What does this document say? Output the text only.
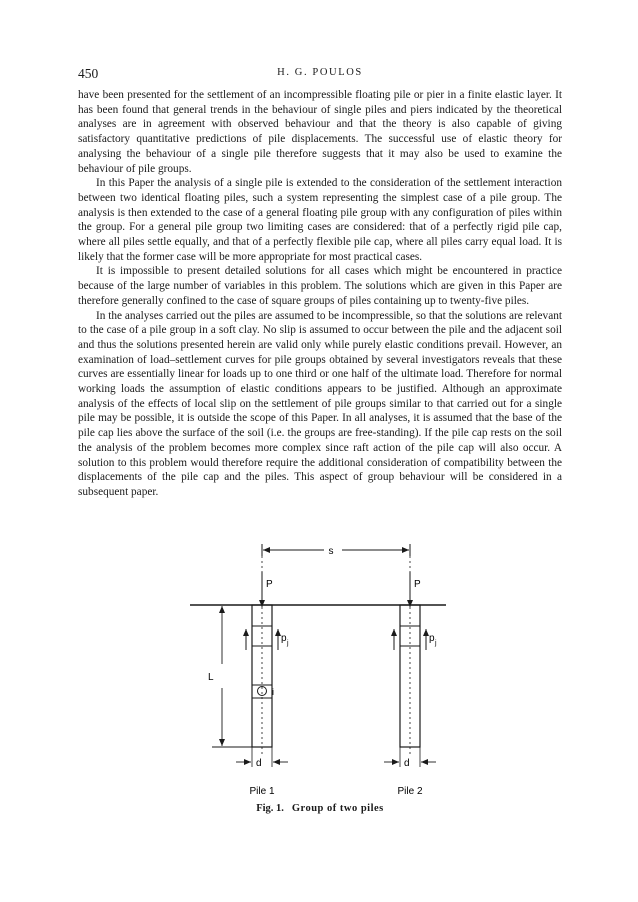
450	H. G. POULOS

have been presented for the settlement of an incompressible floating pile or pier in a finite elastic layer. It has been found that general trends in the behaviour of single piles and piers indicated by the theoretical analyses are in agreement with observed behaviour and that the theory is also capable of giving satisfactory quantitative predictions of pile displacements. The successful use of elastic theory for analysing the behaviour of a single pile therefore suggests that it may also be used to examine the behaviour of pile groups.

In this Paper the analysis of a single pile is extended to the consideration of the settlement interaction between two identical floating piles, such a system representing the simplest case of a pile group. The analysis is then extended to the case of a general floating pile group with any configuration of piles within the group. For a general pile group two limiting cases are considered: that of a perfectly rigid pile cap, where all piles settle equally, and that of a perfectly flexible pile cap, where all piles carry equal load. It is likely that the former case will be more appropriate for most practical cases.

It is impossible to present detailed solutions for all cases which might be encountered in practice because of the large number of variables in this problem. The solutions which are given in this Paper are therefore generally confined to the case of square groups of piles containing up to twenty-five piles.

In the analyses carried out the piles are assumed to be incompressible, so that the solutions are relevant to the case of a pile group in a soft clay. No slip is assumed to occur between the pile and the adjacent soil and thus the solutions presented herein are valid only while purely elastic conditions prevail. However, an examination of load–settlement curves for pile groups obtained by several investigators reveals that these curves are essentially linear for loads up to one third or one half of the ultimate load. Therefore for normal working loads the assumption of elastic conditions appears to be justified. Although an approximate analysis of the effects of local slip on the settlement of pile groups similar to that carried out for a single pile may be possible, it is outside the scope of this Paper. In all analyses, it is assumed that the base of the pile cap lies above the surface of the soil (i.e. the groups are free-standing). If the pile cap rests on the soil the analysis of the problem becomes more complex since raft action of the pile cap will also occur. A solution to this problem would therefore require the additional consideration of compatibility between the displacements of the pile cap and the piles. This aspect of group behaviour will be considered in a subsequent paper.

s
P	P
p j
i
p j
L
d	d
Pile 1	Pile 2
Fig. 1. Group of two piles
